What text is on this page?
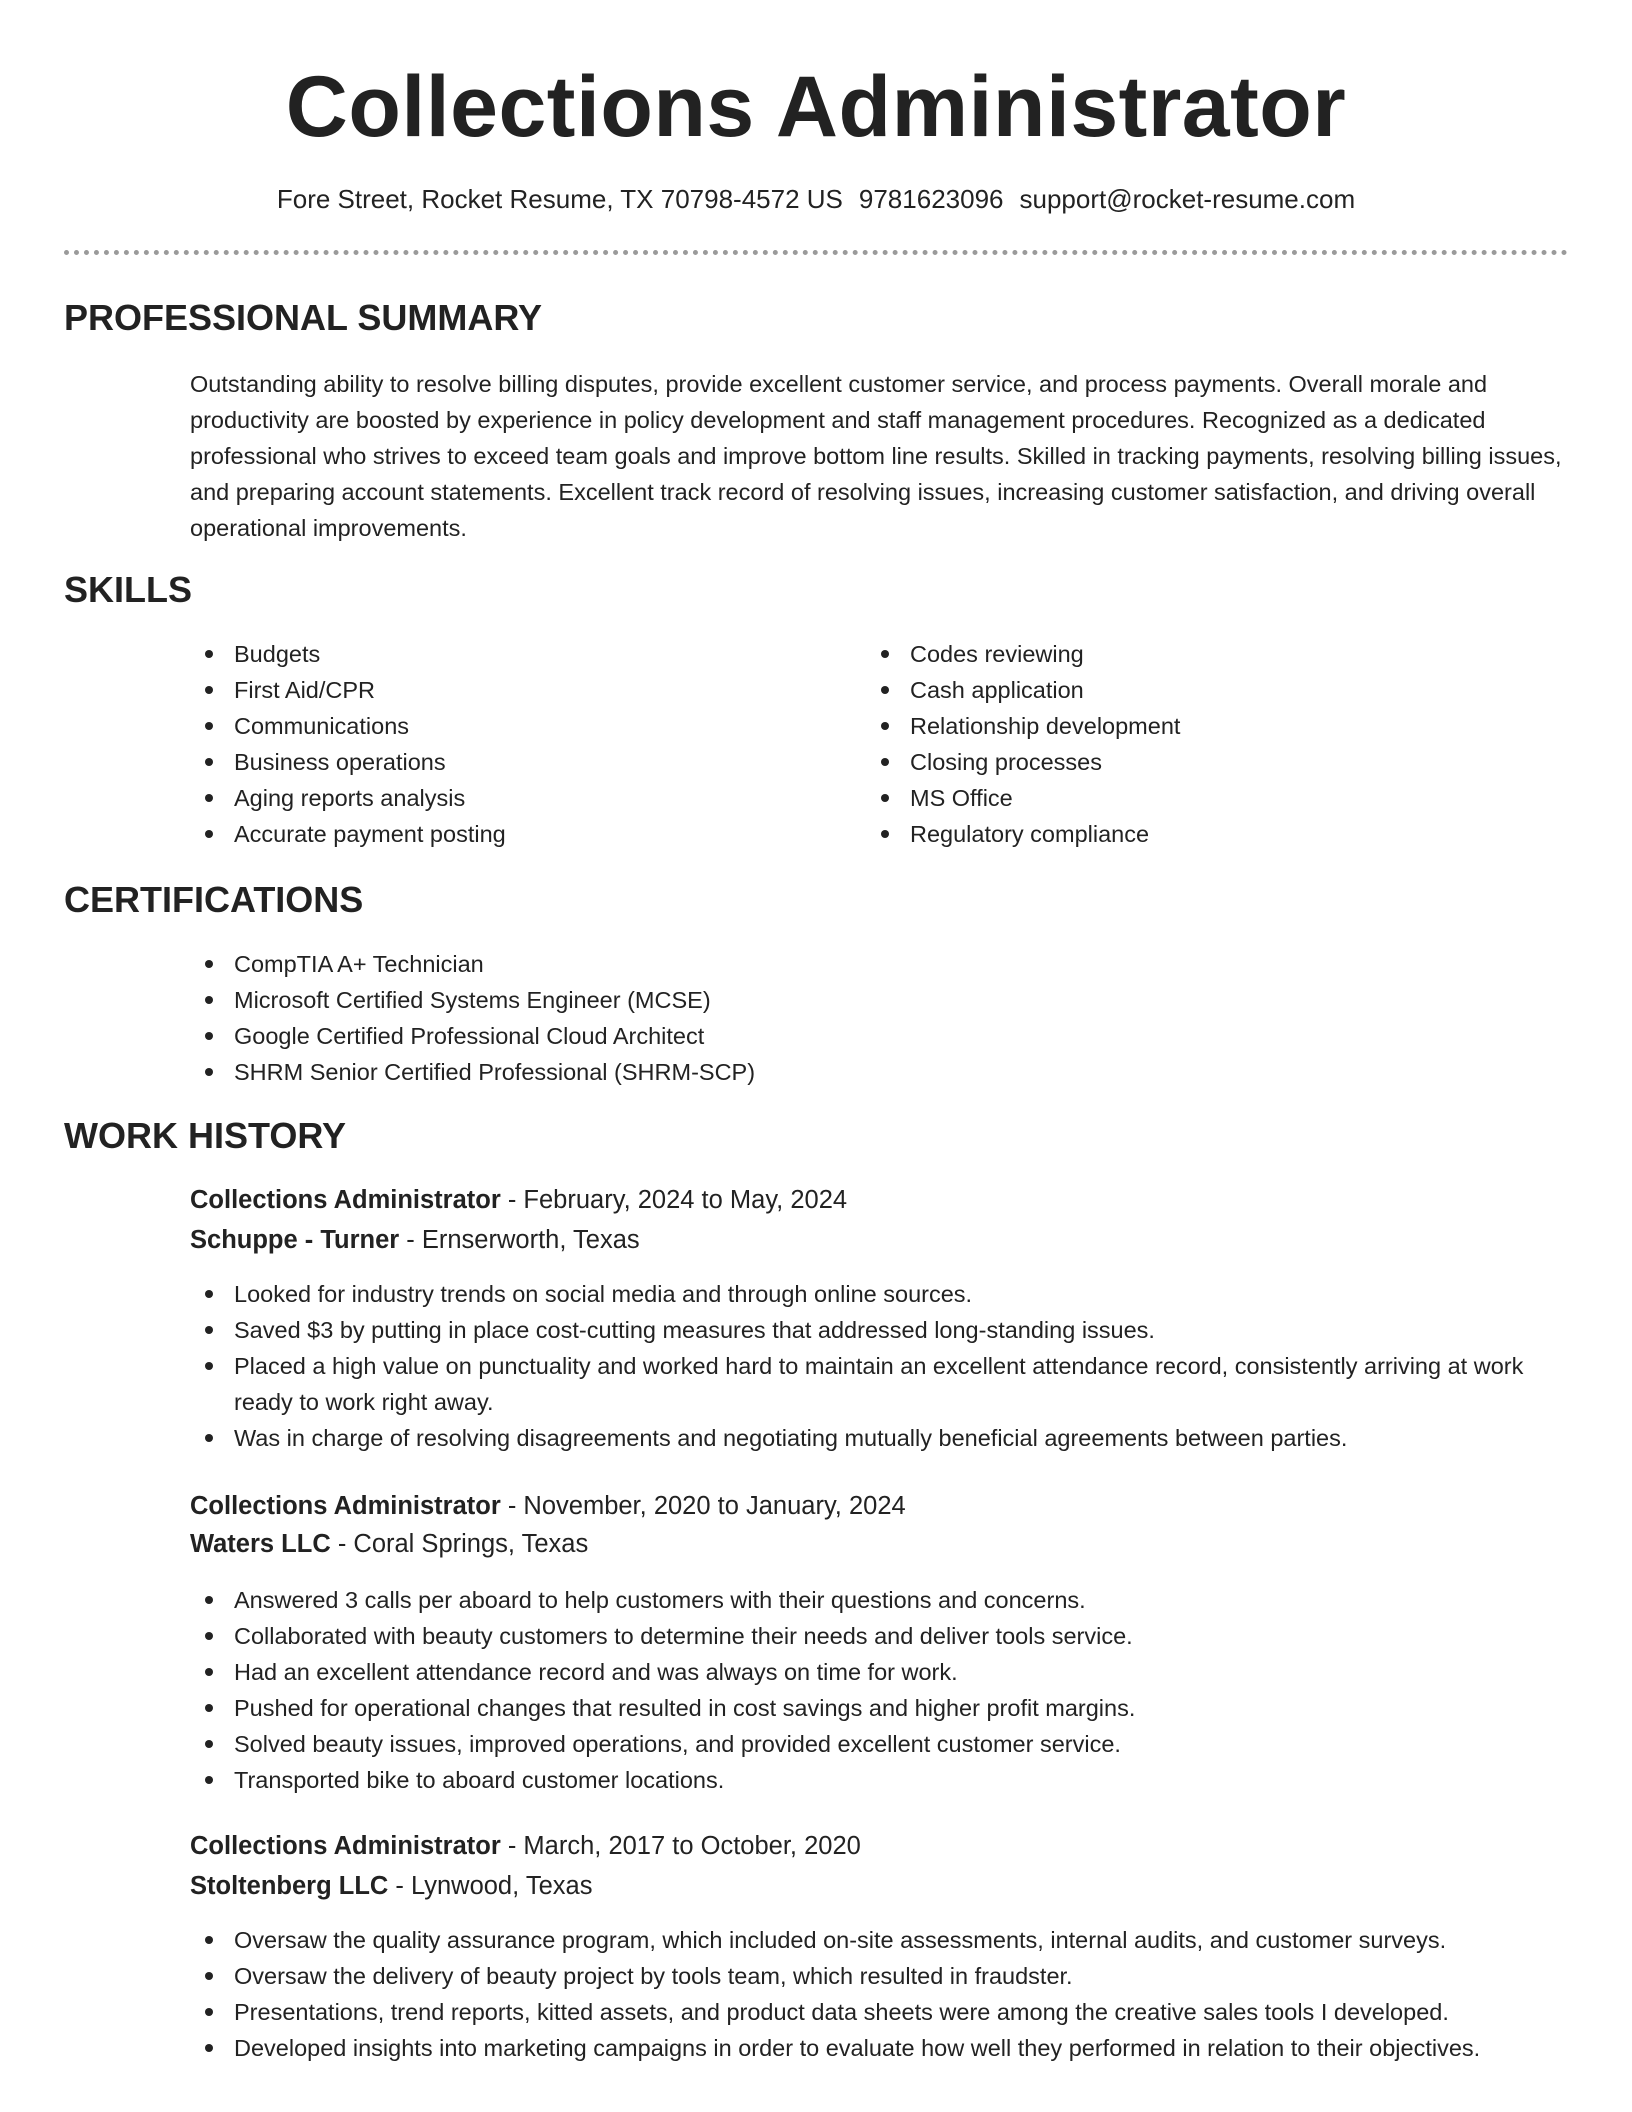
Collections Administrator
Fore Street, Rocket Resume, TX 70798-4572 US 9781623096 support@rocket-resume.com
PROFESSIONAL SUMMARY

Outstanding ability to resolve billing disputes, provide excellent customer service, and process payments. Overall morale and productivity are boosted by experience in policy development and staff management procedures. Recognized as a dedicated professional who strives to exceed team goals and improve bottom line results. Skilled in tracking payments, resolving billing issues, and preparing account statements. Excellent track record of resolving issues, increasing customer satisfaction, and driving overall operational improvements.

SKILLS
Budgets
First Aid/CPR
Communications
Business operations
Aging reports analysis
Accurate payment posting
Codes reviewing
Cash application
Relationship development
Closing processes
MS Office
Regulatory compliance
CERTIFICATIONS
CompTIA A+ Technician
Microsoft Certified Systems Engineer (MCSE)
Google Certified Professional Cloud Architect
SHRM Senior Certified Professional (SHRM-SCP)
WORK HISTORY
Collections Administrator - February, 2024 to May, 2024
Schuppe - Turner - Ernserworth, Texas
Looked for industry trends on social media and through online sources.
Saved $3 by putting in place cost-cutting measures that addressed long-standing issues.
Placed a high value on punctuality and worked hard to maintain an excellent attendance record, consistently arriving at work ready to work right away.
Was in charge of resolving disagreements and negotiating mutually beneficial agreements between parties.
Collections Administrator - November, 2020 to January, 2024
Waters LLC - Coral Springs, Texas
Answered 3 calls per aboard to help customers with their questions and concerns.
Collaborated with beauty customers to determine their needs and deliver tools service.
Had an excellent attendance record and was always on time for work.
Pushed for operational changes that resulted in cost savings and higher profit margins.
Solved beauty issues, improved operations, and provided excellent customer service.
Transported bike to aboard customer locations.
Collections Administrator - March, 2017 to October, 2020
Stoltenberg LLC - Lynwood, Texas
Oversaw the quality assurance program, which included on-site assessments, internal audits, and customer surveys.
Oversaw the delivery of beauty project by tools team, which resulted in fraudster.
Presentations, trend reports, kitted assets, and product data sheets were among the creative sales tools I developed.
Developed insights into marketing campaigns in order to evaluate how well they performed in relation to their objectives.
